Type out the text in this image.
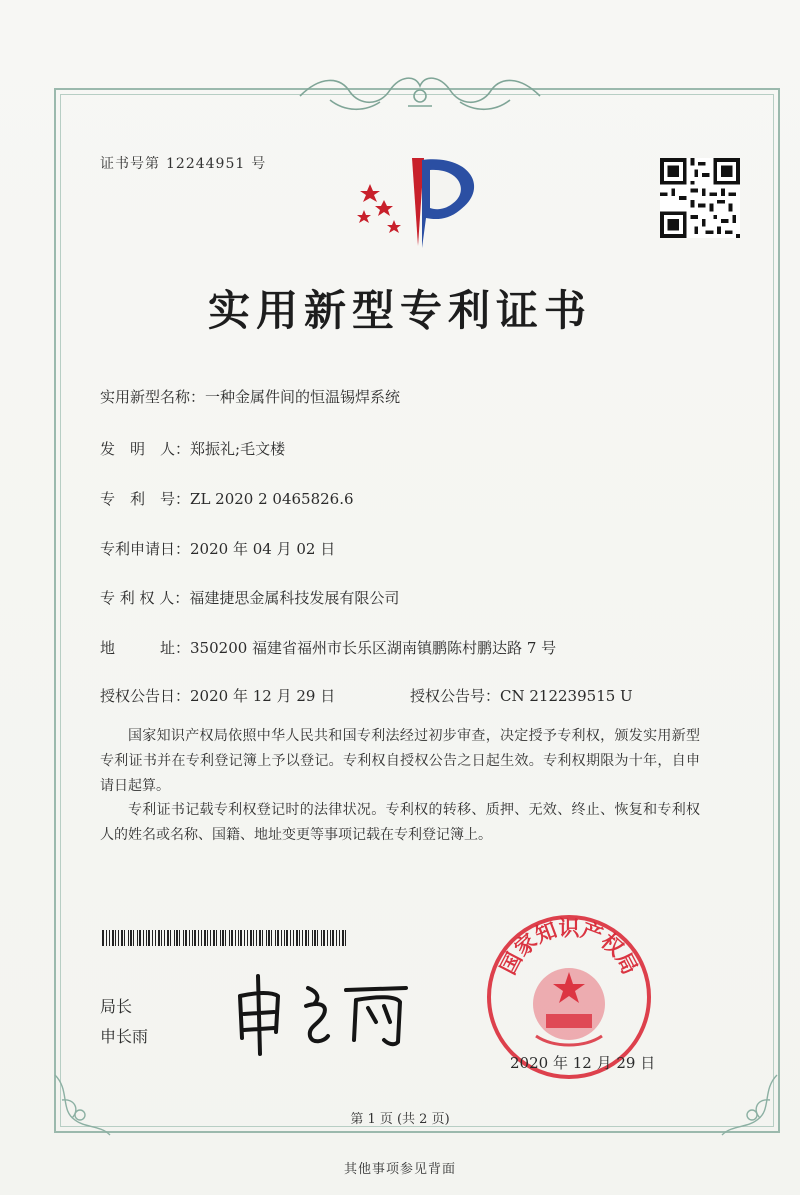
证书号第 12244951 号
实用新型专利证书
实用新型名称：一种金属件间的恒温锡焊系统
发　明　人：郑振礼;毛文楼
专　利　号：ZL 2020 2 0465826.6
专利申请日：2020 年 04 月 02 日
专 利 权 人：福建捷思金属科技发展有限公司
地　　　址：350200 福建省福州市长乐区湖南镇鹏陈村鹏达路 7 号
授权公告日：2020 年 12 月 29 日	授权公告号：CN 212239515 U
国家知识产权局依照中华人民共和国专利法经过初步审查，决定授予专利权，颁发实用新型专利证书并在专利登记簿上予以登记。专利权自授权公告之日起生效。专利权期限为十年，自申请日起算。
专利证书记载专利权登记时的法律状况。专利权的转移、质押、无效、终止、恢复和专利权人的姓名或名称、国籍、地址变更等事项记载在专利登记簿上。
局长
申长雨
国家知识产权局
2020 年 12 月 29 日
第 1 页 (共 2 页)
其他事项参见背面
